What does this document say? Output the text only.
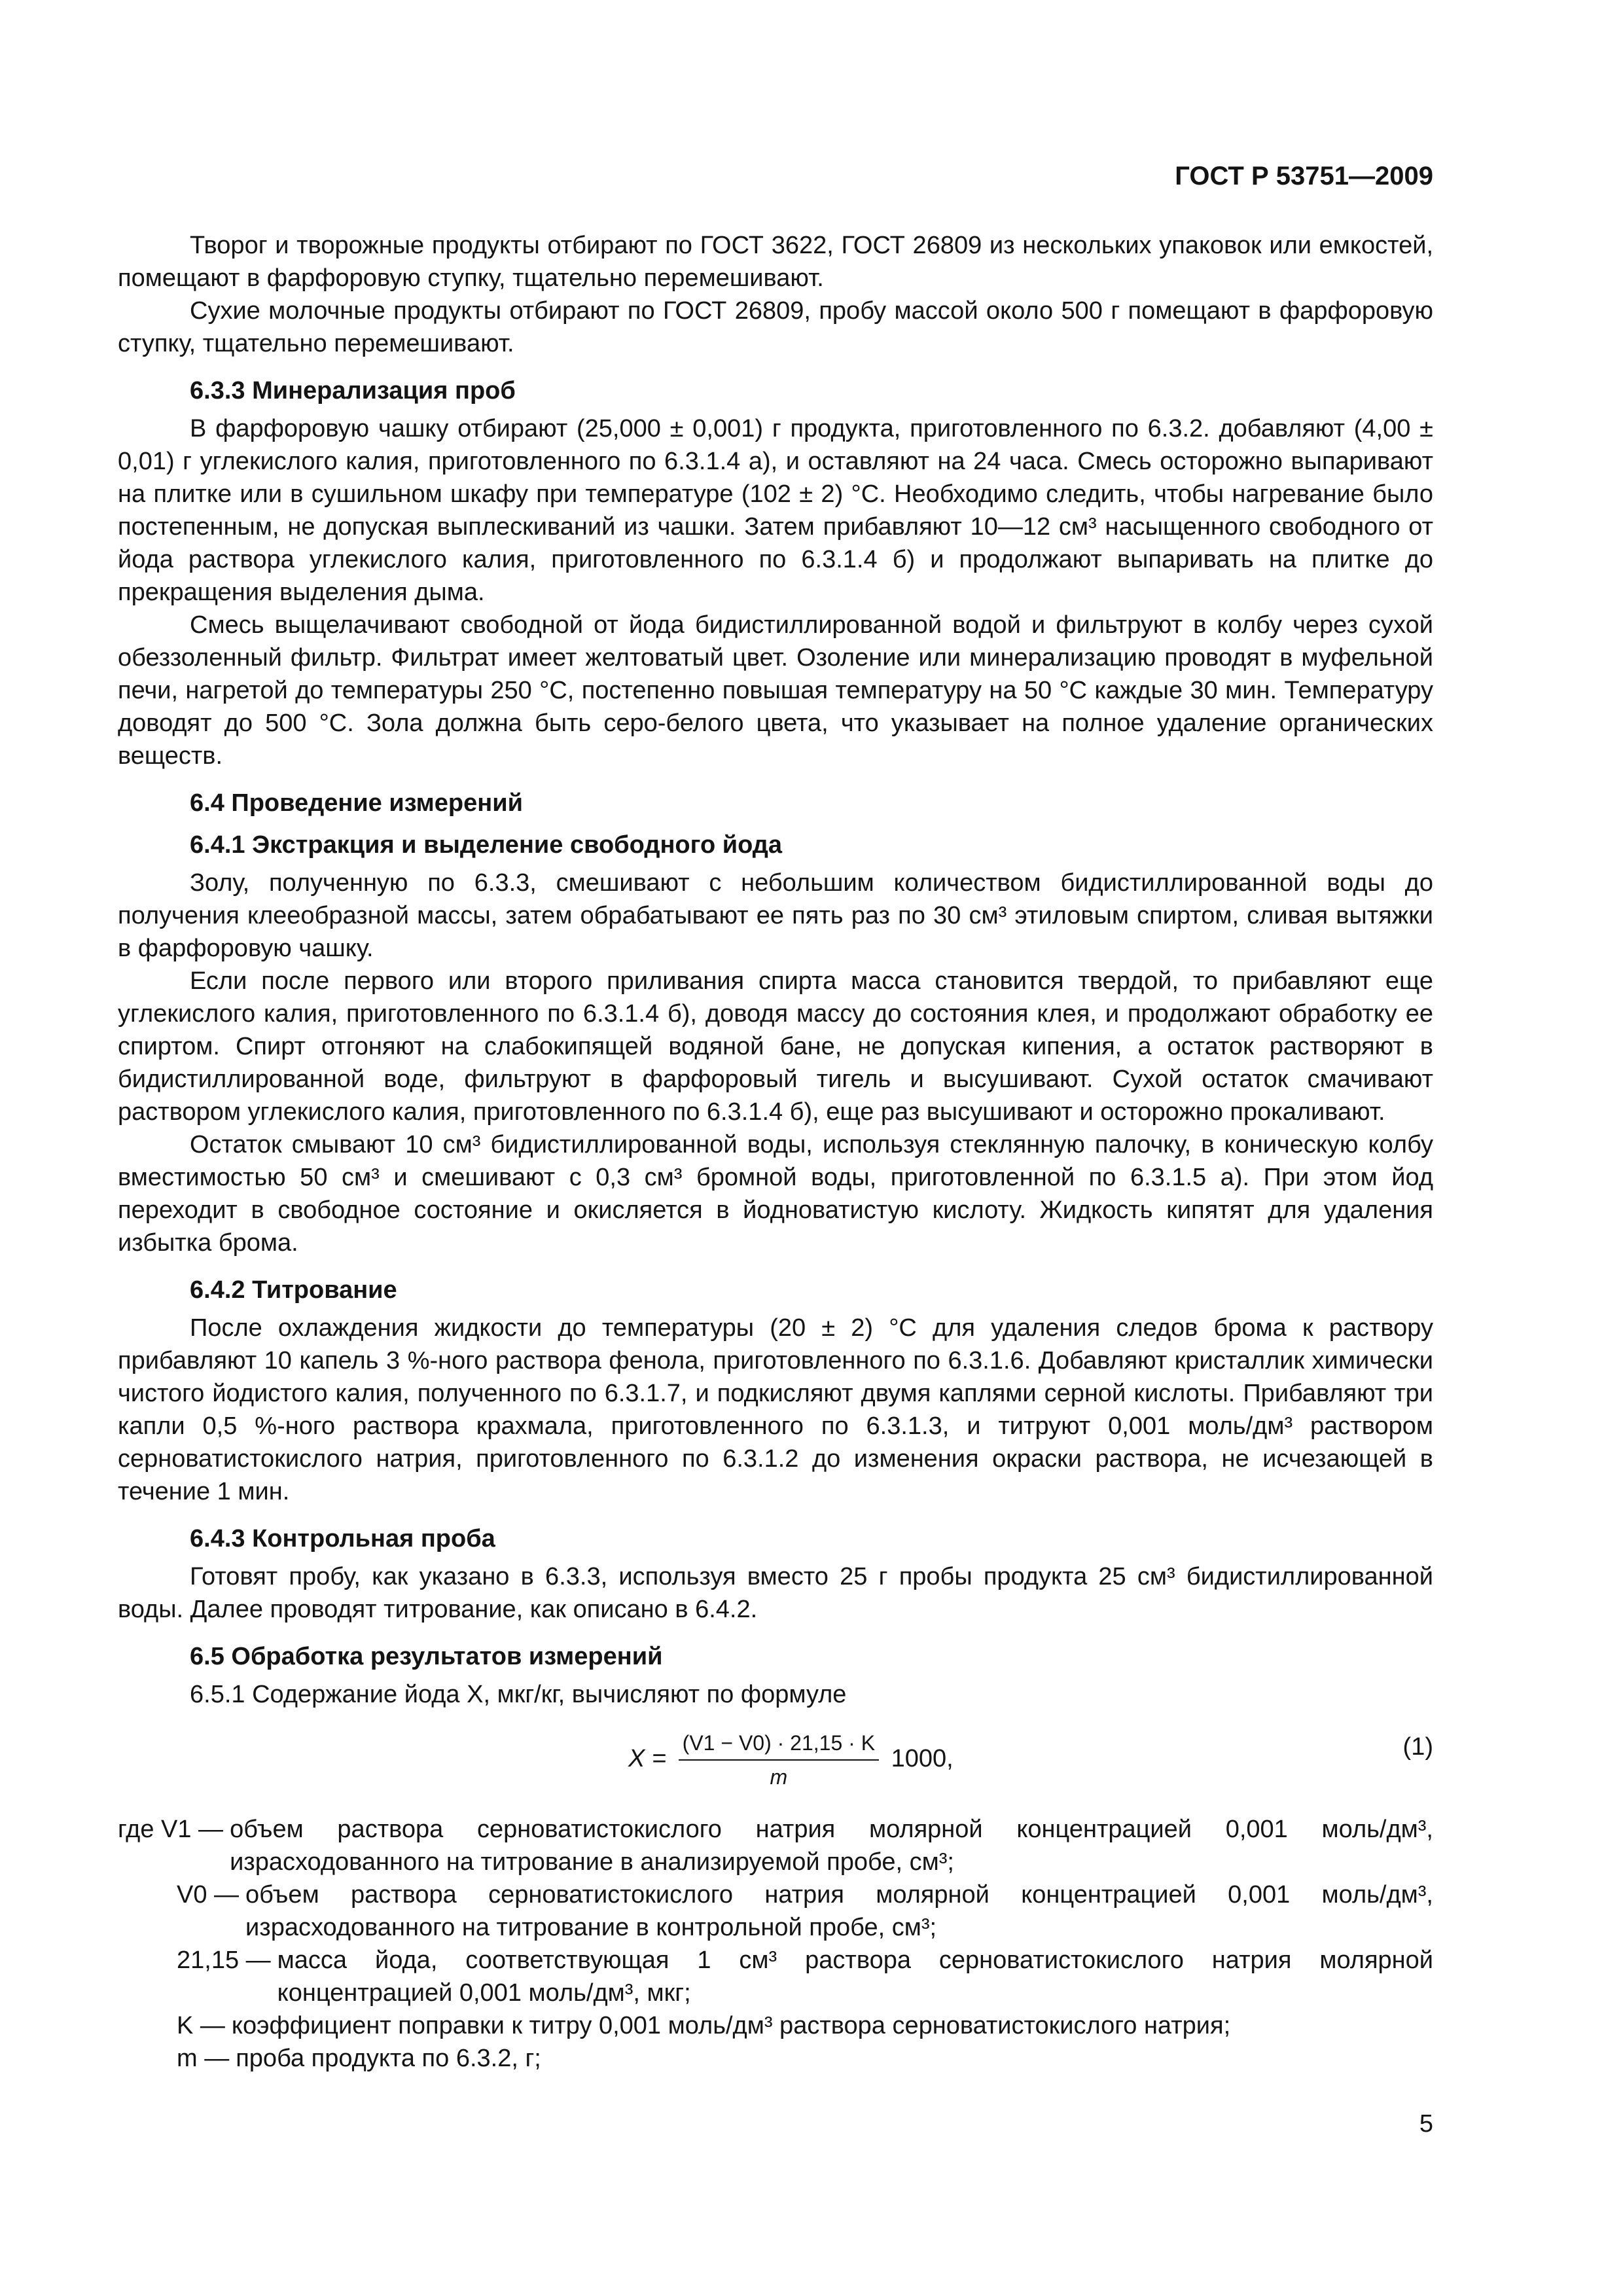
ГОСТ Р 53751—2009

Творог и творожные продукты отбирают по ГОСТ 3622, ГОСТ 26809 из нескольких упаковок или емкостей, помещают в фарфоровую ступку, тщательно перемешивают.

Сухие молочные продукты отбирают по ГОСТ 26809, пробу массой около 500 г помещают в фарфоровую ступку, тщательно перемешивают.

6.3.3 Минерализация проб

В фарфоровую чашку отбирают (25,000 ± 0,001) г продукта, приготовленного по 6.3.2. добавляют (4,00 ± 0,01) г углекислого калия, приготовленного по 6.3.1.4 а), и оставляют на 24 часа. Смесь осторожно выпаривают на плитке или в сушильном шкафу при температуре (102 ± 2) °С. Необходимо следить, чтобы нагревание было постепенным, не допуская выплескиваний из чашки. Затем прибавляют 10—12 см³ насыщенного свободного от йода раствора углекислого калия, приготовленного по 6.3.1.4 б) и продолжают выпаривать на плитке до прекращения выделения дыма.

Смесь выщелачивают свободной от йода бидистиллированной водой и фильтруют в колбу через сухой обеззоленный фильтр. Фильтрат имеет желтоватый цвет. Озоление или минерализацию проводят в муфельной печи, нагретой до температуры 250 °С, постепенно повышая температуру на 50 °С каждые 30 мин. Температуру доводят до 500 °С. Зола должна быть серо-белого цвета, что указывает на полное удаление органических веществ.

6.4 Проведение измерений
6.4.1 Экстракция и выделение свободного йода

Золу, полученную по 6.3.3, смешивают с небольшим количеством бидистиллированной воды до получения клееобразной массы, затем обрабатывают ее пять раз по 30 см³ этиловым спиртом, сливая вытяжки в фарфоровую чашку.

Если после первого или второго приливания спирта масса становится твердой, то прибавляют еще углекислого калия, приготовленного по 6.3.1.4 б), доводя массу до состояния клея, и продолжают обработку ее спиртом. Спирт отгоняют на слабокипящей водяной бане, не допуская кипения, а остаток растворяют в бидистиллированной воде, фильтруют в фарфоровый тигель и высушивают. Сухой остаток смачивают раствором углекислого калия, приготовленного по 6.3.1.4 б), еще раз высушивают и осторожно прокаливают.

Остаток смывают 10 см³ бидистиллированной воды, используя стеклянную палочку, в коническую колбу вместимостью 50 см³ и смешивают с 0,3 см³ бромной воды, приготовленной по 6.3.1.5 а). При этом йод переходит в свободное состояние и окисляется в йодноватистую кислоту. Жидкость кипятят для удаления избытка брома.

6.4.2 Титрование

После охлаждения жидкости до температуры (20 ± 2) °С для удаления следов брома к раствору прибавляют 10 капель 3 %-ного раствора фенола, приготовленного по 6.3.1.6. Добавляют кристаллик химически чистого йодистого калия, полученного по 6.3.1.7, и подкисляют двумя каплями серной кислоты. Прибавляют три капли 0,5 %-ного раствора крахмала, приготовленного по 6.3.1.3, и титруют 0,001 моль/дм³ раствором серноватистокислого натрия, приготовленного по 6.3.1.2 до изменения окраски раствора, не исчезающей в течение 1 мин.

6.4.3 Контрольная проба

Готовят пробу, как указано в 6.3.3, используя вместо 25 г пробы продукта 25 см³ бидистиллированной воды. Далее проводят титрование, как описано в 6.4.2.

6.5 Обработка результатов измерений

6.5.1 Содержание йода X, мкг/кг, вычисляют по формуле

$X = \frac{(V1 - V0) \cdot 21,15 \cdot K}{m} 1000$,	(1)
где V1 — объем раствора серноватистокислого натрия молярной концентрацией 0,001 моль/дм³, израсходованного на титрование в анализируемой пробе, см³;
V0 — объем раствора серноватистокислого натрия молярной концентрацией 0,001 моль/дм³, израсходованного на титрование в контрольной пробе, см³;
21,15 — масса йода, соответствующая 1 см³ раствора серноватистокислого натрия молярной концентрацией 0,001 моль/дм³, мкг;
K — коэффициент поправки к титру 0,001 моль/дм³ раствора серноватистокислого натрия;
m — проба продукта по 6.3.2, г;
5
